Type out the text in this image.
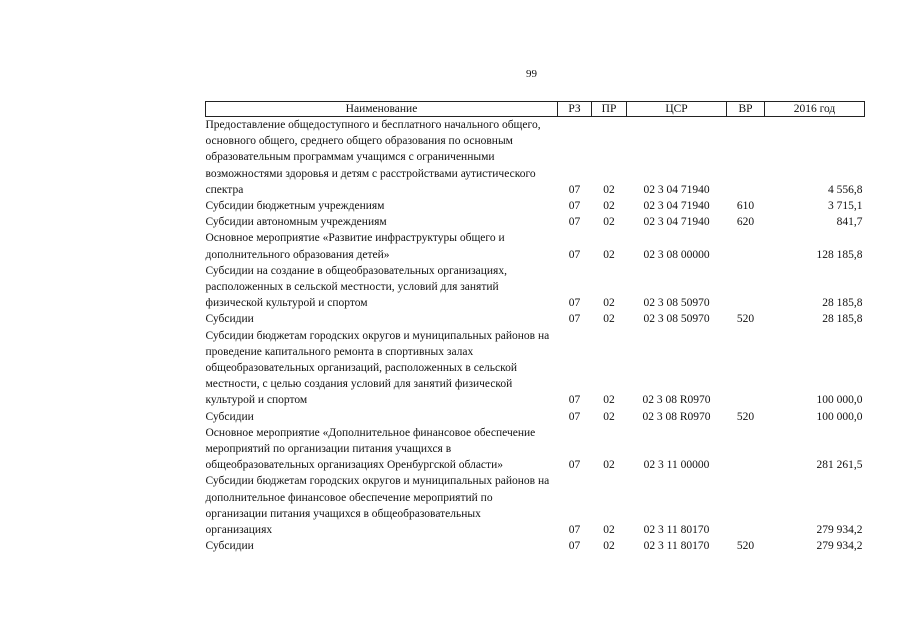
99
Наименование	РЗ	ПР	ЦСР	ВР	2016 год
Предоставление общедоступного и бесплатного начального общего, основного общего, среднего общего образования по основным образовательным программам учащимся с ограниченными возможностями здоровья и детям с расстройствами аутистического спектра	07	02	02 3 04 71940		4 556,8
Субсидии бюджетным учреждениям	07	02	02 3 04 71940	610	3 715,1
Субсидии автономным учреждениям	07	02	02 3 04 71940	620	841,7
Основное мероприятие «Развитие инфраструктуры общего и дополнительного образования детей»	07	02	02 3 08 00000		128 185,8
Субсидии на создание в общеобразовательных организациях, расположенных в сельской местности, условий для занятий физической культурой и спортом	07	02	02 3 08 50970		28 185,8
Субсидии	07	02	02 3 08 50970	520	28 185,8
Субсидии бюджетам городских округов и муниципальных районов на проведение капитального ремонта в спортивных залах общеобразовательных организаций, расположенных в сельской местности, с целью создания условий для занятий физической культурой и спортом	07	02	02 3 08 R0970		100 000,0
Субсидии	07	02	02 3 08 R0970	520	100 000,0
Основное мероприятие «Дополнительное финансовое обеспечение мероприятий по организации питания учащихся в общеобразовательных организациях Оренбургской области»	07	02	02 3 11 00000		281 261,5
Субсидии бюджетам городских округов и муниципальных районов на дополнительное финансовое обеспечение мероприятий по организации питания учащихся в общеобразовательных организациях	07	02	02 3 11 80170		279 934,2
Субсидии	07	02	02 3 11 80170	520	279 934,2
